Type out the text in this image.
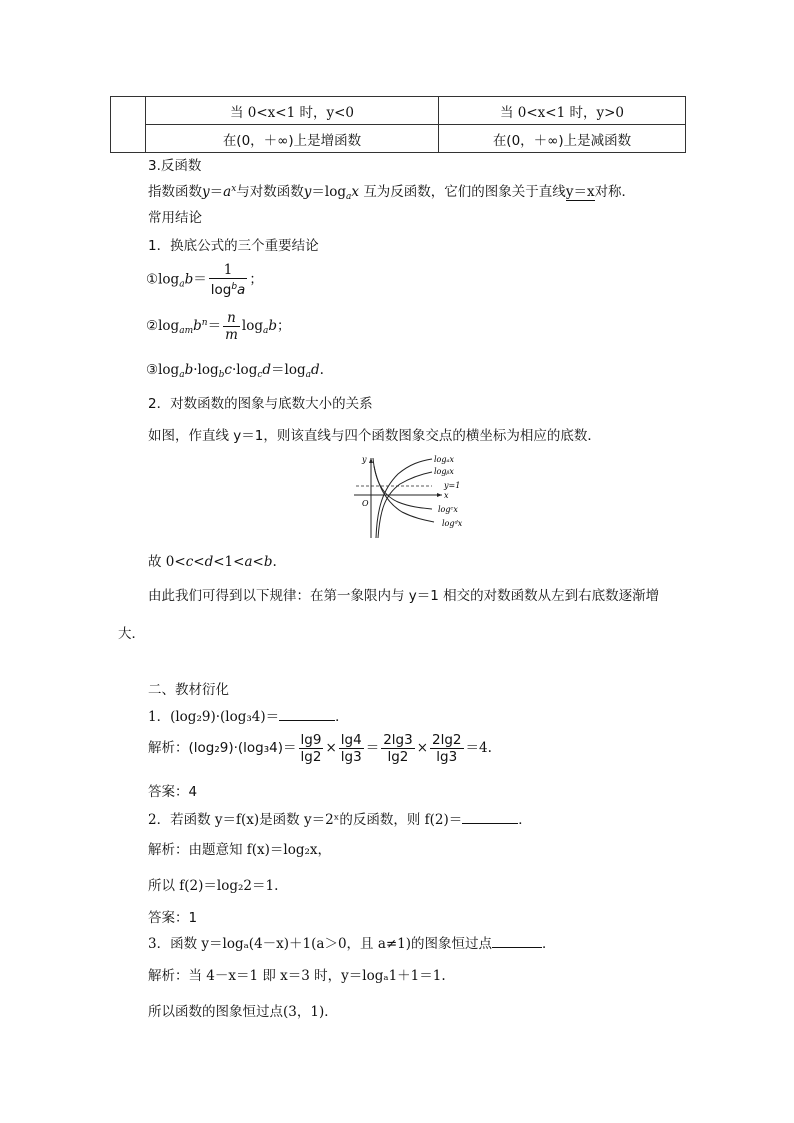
	当 0<x<1 时，y<0	当 0<x<1 时，y>0
	在(0，＋∞)上是增函数	在(0，＋∞)上是减函数
3.反函数
指数函数$y=a^x$与对数函数$y=\log_ax$ 互为反函数，它们的图象关于直线y＝x对称．
常用结论
1．换底公式的三个重要结论
$①\log_ab= \frac{1}{\log^ba}$ ；
$②\log_{am}b^n= \frac{n}{m} \log_ab$；
$③\log_ab\cdot\log_bc\cdot\log_cd=\log_ad$.
2．对数函数的图象与底数大小的关系
如图，作直线 y＝1，则该直线与四个函数图象交点的横坐标为相应的底数．
logₐx
logᵦx
y=1
logᶜx
logᵈx
x
y
O
故 0<c<d<1<a<b.
由此我们可得到以下规律：在第一象限内与 y＝1 相交的对数函数从左到右底数逐渐增
大．
二、教材衍化
1．(log₂9)·(log₃4)＝	．
解析：$(\log_29)\cdot(\log_34)= \frac{\lg 9}{\lg 2} \times \frac{\lg 4}{\lg 3} = \frac{2\lg 3}{\lg 2} \times \frac{2\lg 2}{\lg 3} =4$.
答案：4
2．若函数 y＝f(x)是函数 y＝2ˣ的反函数，则 f(2)＝	．
解析：由题意知 f(x)＝log₂x，
所以 f(2)＝log₂2＝1.
答案：1
3．函数 y＝logₐ(4－x)＋1(a＞0，且 a≠1)的图象恒过点	．
解析：当 4－x＝1 即 x＝3 时，y＝logₐ1＋1＝1.
所以函数的图象恒过点(3，1)．
